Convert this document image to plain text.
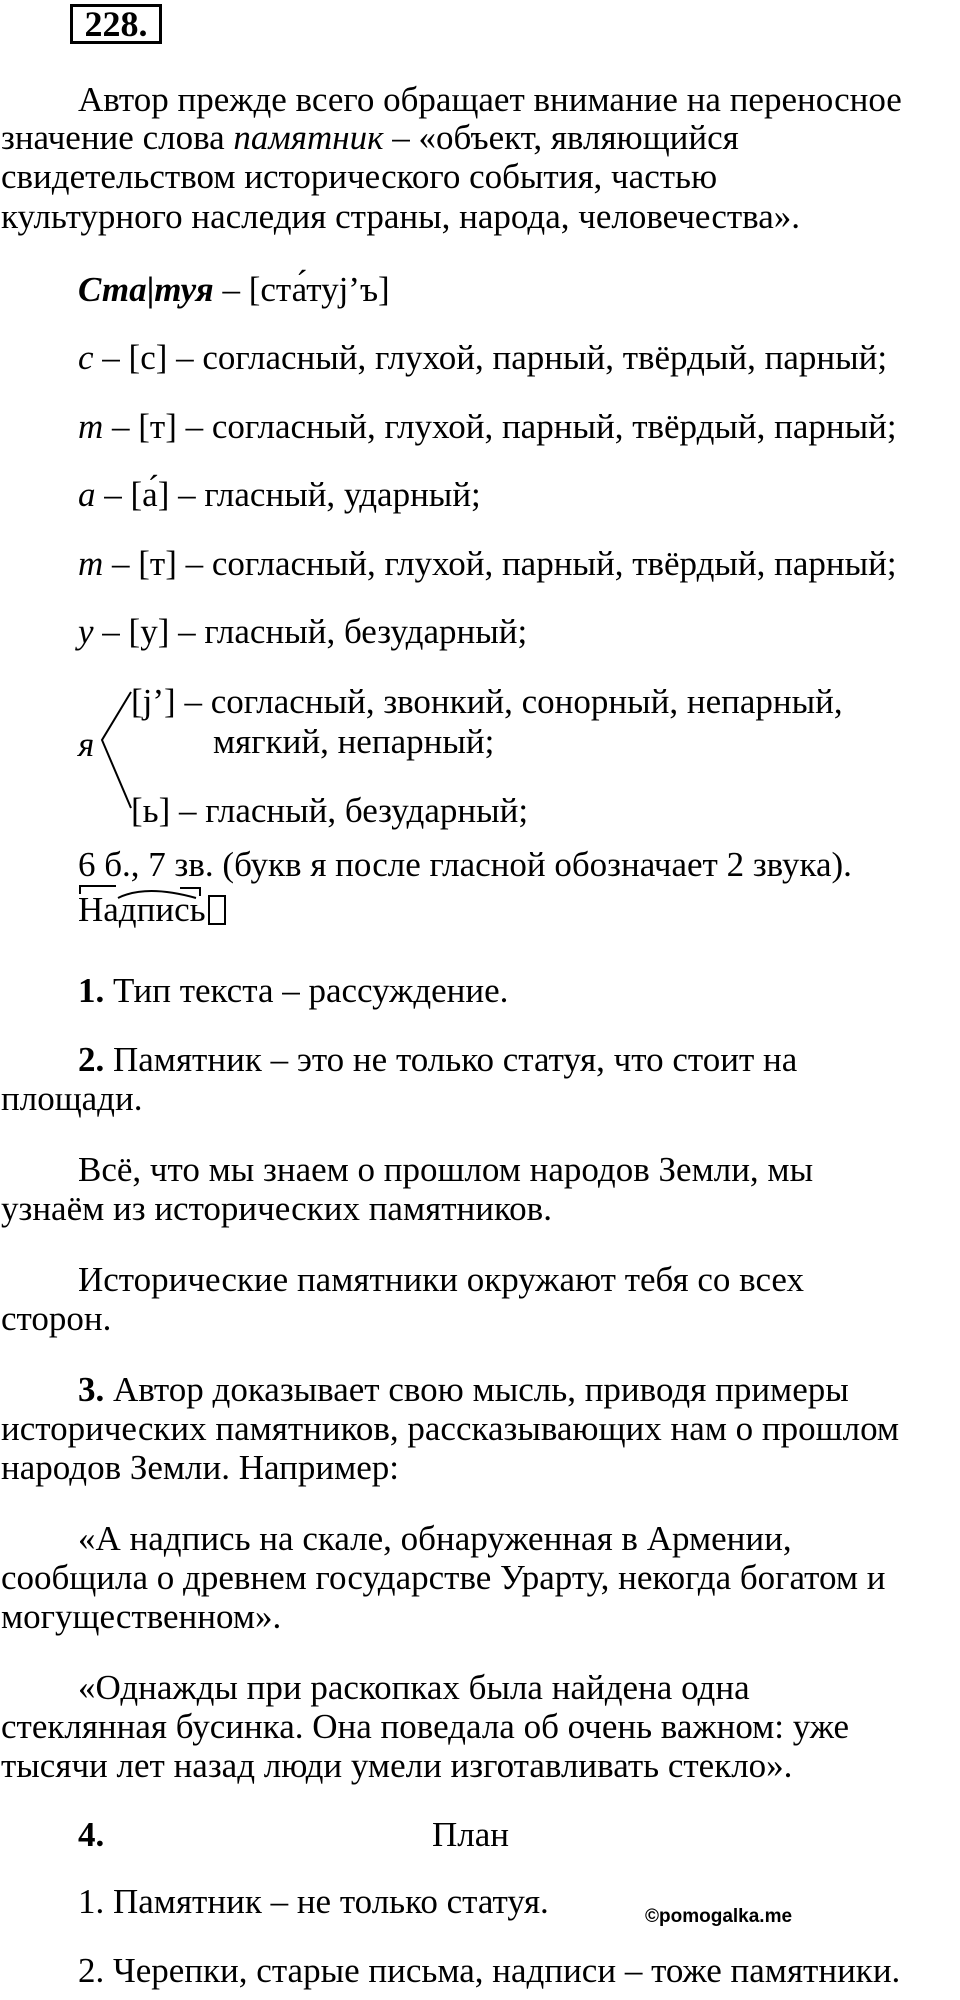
228.
Автор прежде всего обращает внимание на переносное
значение слова памятник – «объект, являющийся
свидетельством исторического события, частью
культурного наследия страны, народа, человечества».
Ста|туя – [ста́туj’ъ]
с – [с] – согласный, глухой, парный, твёрдый, парный;
т – [т] – согласный, глухой, парный, твёрдый, парный;
а – [а́] – гласный, ударный;
т – [т] – согласный, глухой, парный, твёрдый, парный;
у – [у] – гласный, безударный;
я
[j’] – согласный, звонкий, сонорный, непарный,
мягкий, непарный;
[ь] – гласный, безударный;
6 б., 7 зв. (букв я после гласной обозначает 2 звука).
Надпись
1. Тип текста – рассуждение.
2. Памятник – это не только статуя, что стоит на
площади.
Всё, что мы знаем о прошлом народов Земли, мы
узнаём из исторических памятников.
Исторические памятники окружают тебя со всех
сторон.
3. Автор доказывает свою мысль, приводя примеры
исторических памятников, рассказывающих нам о прошлом
народов Земли. Например:
«А надпись на скале, обнаруженная в Армении,
сообщила о древнем государстве Урарту, некогда богатом и
могущественном».
«Однажды при раскопках была найдена одна
стеклянная бусинка. Она поведала об очень важном: уже
тысячи лет назад люди умели изготавливать стекло».
4.	План
1. Памятник – не только статуя.	©pomogalka.me
2. Черепки, старые письма, надписи – тоже памятники.
